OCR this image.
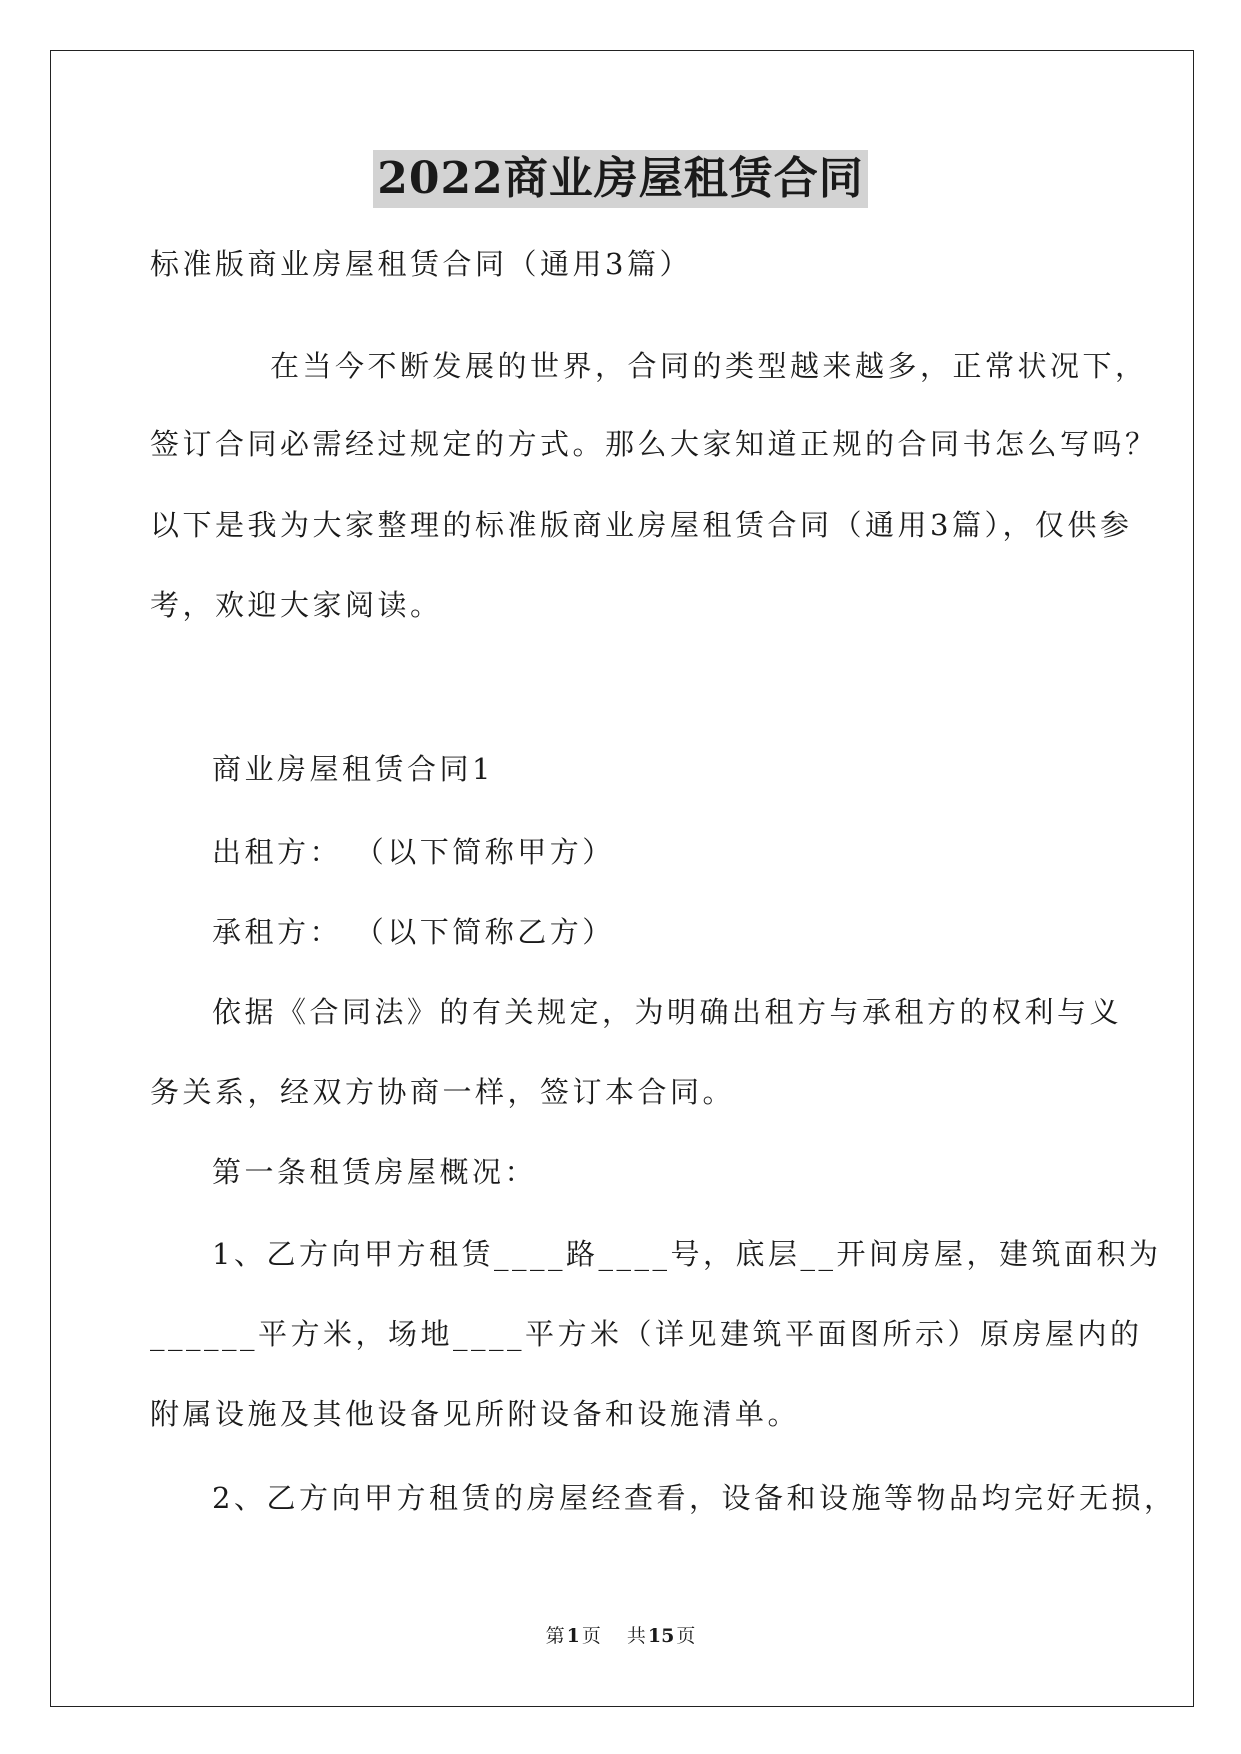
2022商业房屋租赁合同
标准版商业房屋租赁合同（通用3篇）
在当今不断发展的世界，合同的类型越来越多，正常状况下，
签订合同必需经过规定的方式。那么大家知道正规的合同书怎么写吗？
以下是我为大家整理的标准版商业房屋租赁合同（通用3篇），仅供参
考，欢迎大家阅读。
商业房屋租赁合同1
出租方： （以下简称甲方）
承租方： （以下简称乙方）
依据《合同法》的有关规定，为明确出租方与承租方的权利与义
务关系，经双方协商一样，签订本合同。
第一条租赁房屋概况：
1、乙方向甲方租赁____路____号，底层__开间房屋，建筑面积为
______平方米，场地____平方米（详见建筑平面图所示）原房屋内的
附属设施及其他设备见所附设备和设施清单。
2、乙方向甲方租赁的房屋经查看，设备和设施等物品均完好无损，
第 1 页 共 15 页
